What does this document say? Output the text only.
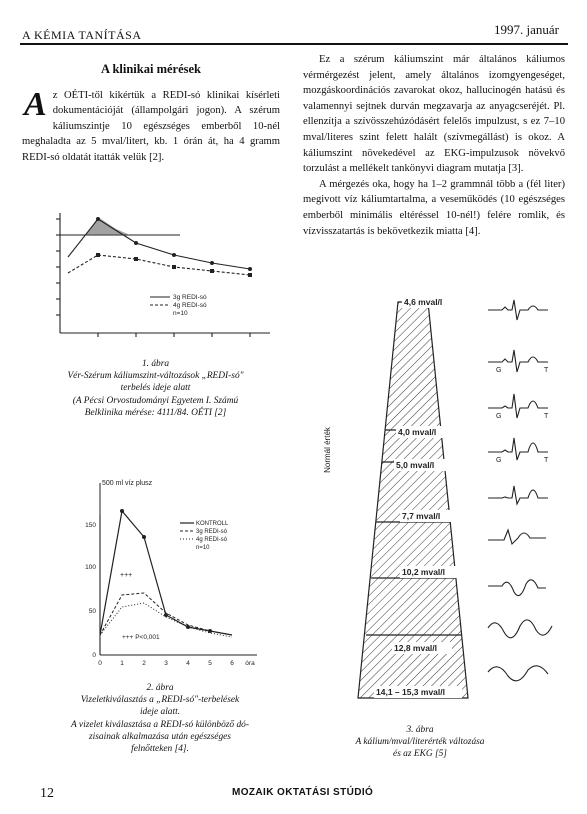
A KÉMIA TANÍTÁSA	1997. január
A klinikai mérések

Az OÉTI-től kikértük a REDI-só klinikai kísérleti dokumentációját (állampolgári jogon). A szérum káliumszintje 10 egészséges emberből 10-nél meghaladta az 5 mval/litert, kb. 1 órán át, ha 4 gramm REDI-só oldatát itatták velük [2].

Ez a szérum káliumszint már általános káliumos vérmérgezést jelent, amely általános izomgyengeséget, mozgáskoordinációs zavarokat okoz, hallucinogén hatású és valamennyi sejtnek durván megzavarja az anyagcseréjét. Pl. ellenzítja a szívösszehúzódásért felelős impulzust, s ez 7–10 mval/literes szint felett halált (szívmegállást) is okoz. A káliumszint növekedével az EKG-impulzusok növekvő torzulást a mellékelt tankönyvi diagram mutatja [3].

A mérgezés oka, hogy ha 1–2 grammnál több a (fél liter) megivott víz káliumtartalma, a veseműködés (10 egészséges emberből minimális eltéréssel 10-nél!) felére romlik, és vízvisszatartás is bekövetkezik miatta [4].

3g REDI-só
4g REDI-só
n=10
1. ábra
Vér-Szérum káliumszint-változások „REDI-só"
terbelés ideje alatt
(A Pécsi Orvostudományi Egyetem I. Számú
Belklinika mérése: 4111/84. OÉTI [2]
500 ml víz plusz
150
100
50
0
0	1	2	3	4	5	6 óra
+++
+++ P<0,001
KONTROLL
3g REDI-só
4g REDI-só
n=10
2. ábra
Vizeletkiválasztás a „REDI-só"-terbelések
ideje alatt.
A vizelet kiválasztása a REDI-só különböző dó-
zisainak alkalmazása után egészséges
felnőtteken [4].
Normál érték
4,6 mval/l
4,0 mval/l
5,0 mval/l
7,7 mval/l
10,2 mval/l
12,8 mval/l
14,1 – 15,3 mval/l
G	T
G	T
G	T
3. ábra
A kálium/mval/literérték változása
és az EKG [5]
12	MOZAIK OKTATÁSI STÚDIÓ
